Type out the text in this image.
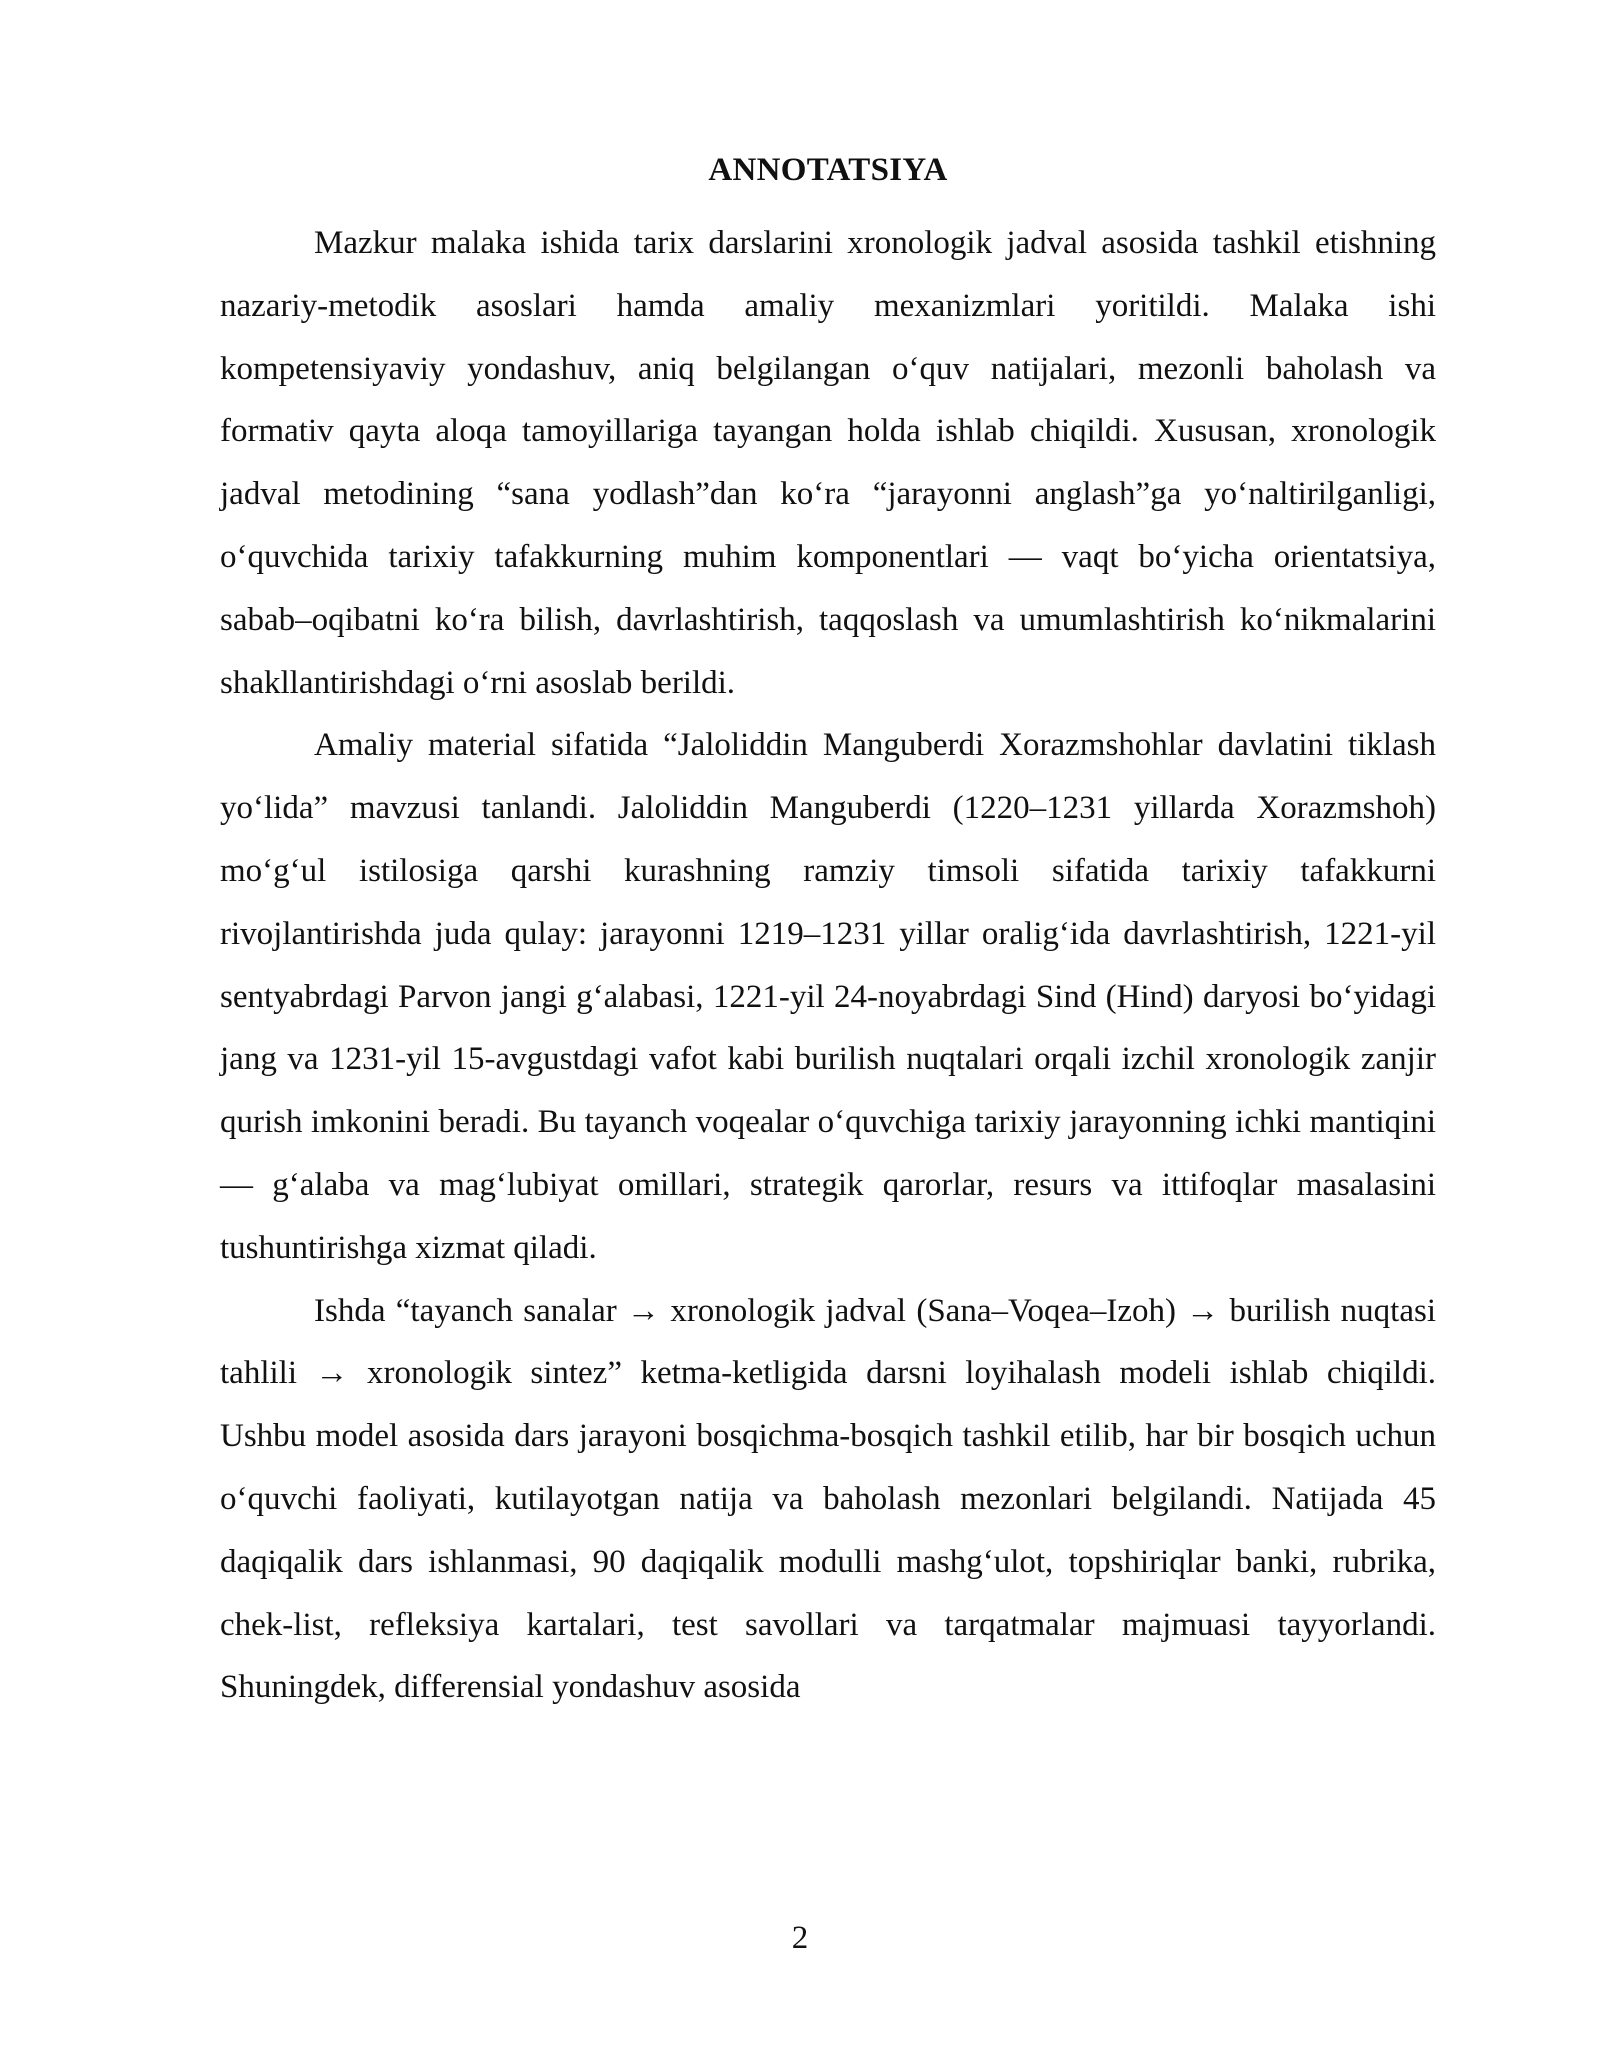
ANNOTATSIYA

Mazkur malaka ishida tarix darslarini xronologik jadval asosida tashkil etishning nazariy-metodik asoslari hamda amaliy mexanizmlari yoritildi. Malaka ishi kompetensiyaviy yondashuv, aniq belgilangan o‘quv natijalari, mezonli baholash va formativ qayta aloqa tamoyillariga tayangan holda ishlab chiqildi. Xususan, xronologik jadval metodining “sana yodlash”dan ko‘ra “jarayonni anglash”ga yo‘naltirilganligi, o‘quvchida tarixiy tafakkurning muhim komponentlari — vaqt bo‘yicha orientatsiya, sabab–oqibatni ko‘ra bilish, davrlashtirish, taqqoslash va umumlashtirish ko‘nikmalarini shakllantirishdagi o‘rni asoslab berildi.

Amaliy material sifatida “Jaloliddin Manguberdi Xorazmshohlar davlatini tiklash yo‘lida” mavzusi tanlandi. Jaloliddin Manguberdi (1220–1231 yillarda Xorazmshoh) mo‘g‘ul istilosiga qarshi kurashning ramziy timsoli sifatida tarixiy tafakkurni rivojlantirishda juda qulay: jarayonni 1219–1231 yillar oralig‘ida davrlashtirish, 1221-yil sentyabrdagi Parvon jangi g‘alabasi, 1221-yil 24-noyabrdagi Sind (Hind) daryosi bo‘yidagi jang va 1231-yil 15-avgustdagi vafot kabi burilish nuqtalari orqali izchil xronologik zanjir qurish imkonini beradi. Bu tayanch voqealar o‘quvchiga tarixiy jarayonning ichki mantiqini — g‘alaba va mag‘lubiyat omillari, strategik qarorlar, resurs va ittifoqlar masalasini tushuntirishga xizmat qiladi.

Ishda “tayanch sanalar → xronologik jadval (Sana–Voqea–Izoh) → burilish nuqtasi tahlili → xronologik sintez” ketma-ketligida darsni loyihalash modeli ishlab chiqildi. Ushbu model asosida dars jarayoni bosqichma-bosqich tashkil etilib, har bir bosqich uchun o‘quvchi faoliyati, kutilayotgan natija va baholash mezonlari belgilandi. Natijada 45 daqiqalik dars ishlanmasi, 90 daqiqalik modulli mashg‘ulot, topshiriqlar banki, rubrika, chek-list, refleksiya kartalari, test savollari va tarqatmalar majmuasi tayyorlandi. Shuningdek, differensial yondashuv asosida

2
